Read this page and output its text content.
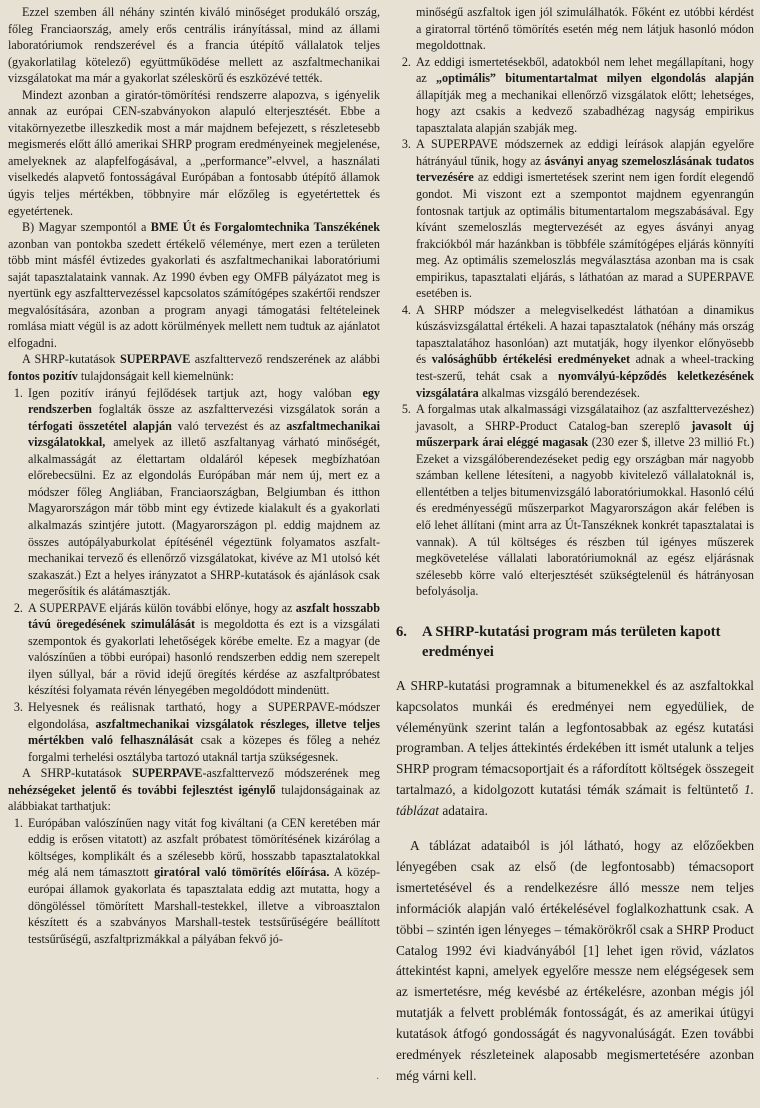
Ezzel szemben áll néhány szintén kiváló minőséget produkáló ország, főleg Franciaország, amely erős centrális irányítással, mind az állami laboratóriumok rendszerével és a francia útépítő vállalatok teljes (gyakorlatilag kötelező) együttműködése mellett az aszfaltmechanikai vizsgálatokat ma már a gyakorlat széleskörű és eszközévé tették.

Mindezt azonban a giratór-tömörítési rendszerre alapozva, s igényelik annak az európai CEN-szabványokon alapuló elterjesztését. Ebbe a vitakörnyezetbe illeszkedik most a már majdnem befejezett, s részletesebb megismerés előtt álló amerikai SHRP program eredményeinek megjelenése, amelyeknek az alapfelfogásával, a „performance”-elvvel, a használati viselkedés alapvető fontosságával Európában a fontosabb útépítő államok úgyis teljes mértékben, többnyire már előzőleg is egyetértettek és egyetértenek.

B) Magyar szempontól a BME Út és Forgalomtechnika Tanszékének azonban van pontokba szedett értékelő véleménye, mert ezen a területen több mint másfél évtizedes gyakorlati és aszfaltmechanikai laboratóriumi saját tapasztalataink vannak. Az 1990 évben egy OMFB pályázatot meg is nyertünk egy aszfalttervezéssel kapcsolatos számítógépes szakértői rendszer megvalósítására, azonban a program anyagi támogatási feltételeinek romlása miatt végül is az adott körülmények mellett nem tudtuk az ajánlatot elfogadni.

A SHRP-kutatások SUPERPAVE aszfalttervező rendszerének az alábbi fontos pozitív tulajdonságait kell kiemelnünk:

1. Igen pozitív irányú fejlődések tartjuk azt, hogy valóban egy rendszerben foglalták össze az aszfalttervezési vizsgálatok során a térfogati összetétel alapján való tervezést és az aszfaltmechanikai vizsgálatokkal, amelyek az illető aszfaltanyag várható minőségét, alkalmasságát az élettartam oldaláról képesek megbízhatóan előrebecsülni. Ez az elgondolás Európában már nem új, mert ez a módszer főleg Angliában, Franciaországban, Belgiumban és itthon Magyarországon már több mint egy évtizede kialakult és a gyakorlati alkalmazás szintjére jutott. (Magyarországon pl. eddig majdnem az összes autópályaburkolat építésénél végeztünk folyamatos aszfalt-mechanikai tervező és ellenőrző vizsgálatokat, kivéve az M1 utolsó két szakaszát.) Ezt a helyes irányzatot a SHRP-kutatások és ajánlások csak megerősítik és alátámasztják.
2. A SUPERPAVE eljárás külön további előnye, hogy az aszfalt hosszabb távú öregedésének szimulálását is megoldotta és ezt is a vizsgálati szempontok és gyakorlati lehetőségek körébe emelte. Ez a magyar (de valószínűen a többi európai) hasonló rendszerben eddig nem szerepelt ilyen súllyal, bár a rövid idejű öregítés kérdése az aszfaltpróbatest készítési folyamata révén lényegében megoldódott mindenütt.
3. Helyesnek és reálisnak tartható, hogy a SUPERPAVE-módszer elgondolása, aszfaltmechanikai vizsgálatok részleges, illetve teljes mértékben való felhasználását csak a közepes és főleg a nehéz forgalmi terhelési osztályba tartozó utaknál tartja szükségesnek.

A SHRP-kutatások SUPERPAVE-aszfalttervező módszerének meg nehézségeket jelentő és további fejlesztést igénylő tulajdonságainak az alábbiakat tarthatjuk:

1. Európában valószínűen nagy vitát fog kiváltani (a CEN keretében már eddig is erősen vitatott) az aszfalt próbatest tömörítésének kizárólag a költséges, komplikált és a szélesebb körű, hosszabb tapasztalatokkal még alá nem támasztott giratóral való tömörítés előírása. A közép-európai államok gyakorlata és tapasztalata eddig azt mutatta, hogy a döngöléssel tömörített Marshall-testekkel, illetve a vibroasztalon készített és a szabványos Marshall-testek testsűrűségére beállított testsűrűségű, aszfaltprizmákkal a pályában fekvő jó-

minőségű aszfaltok igen jól szimulálhatók. Főként ez utóbbi kérdést a giratorral történő tömörítés esetén még nem látjuk hasonló módon megoldottnak.

2. Az eddigi ismertetésekből, adatokból nem lehet megállapítani, hogy az „optimális” bitumentartalmat milyen elgondolás alapján állapítják meg a mechanikai ellenőrző vizsgálatok előtt; lehetséges, hogy azt csakis a kedvező szabadhézag nagyság empirikus tapasztalata alapján szabják meg.
3. A SUPERPAVE módszernek az eddigi leírások alapján egyelőre hátrányául tűnik, hogy az ásványi anyag szemeloszlásának tudatos tervezésére az eddigi ismertetések szerint nem igen fordít elegendő gondot. Mi viszont ezt a szempontot majdnem egyenrangún fontosnak tartjuk az optimális bitumentartalom megszabásával. Egy kívánt szemeloszlás megtervezését az egyes ásványi anyag frakciókból már hazánkban is többféle számítógépes eljárás könnyíti meg. Az optimális szemeloszlás megválasztása azonban ma is csak empirikus, tapasztalati eljárás, s láthatóan az marad a SUPERPAVE esetében is.
4. A SHRP módszer a melegviselkedést láthatóan a dinamikus kúszásvizsgálattal értékeli. A hazai tapasztalatok (néhány más ország tapasztalatához hasonlóan) azt mutatják, hogy ilyenkor előnyösebb és valósághűbb értékelési eredményeket adnak a wheel-tracking test-szerű, tehát csak a nyomvályú-képződés keletkezésének vizsgálatára alkalmas vizsgáló berendezések.
5. A forgalmas utak alkalmassági vizsgálataihoz (az aszfalttervezéshez) javasolt, a SHRP-Product Catalog-ban szereplő javasolt új műszerpark árai eléggé magasak (230 ezer $, illetve 23 millió Ft.) Ezeket a vizsgálóberendezéseket pedig egy országban már nagyobb számban kellene létesíteni, a nagyobb kivitelező vállalatoknál is, ellentétben a teljes bitumenvizsgáló laboratóriumokkal. Hasonló célú és eredményességű műszerparkot Magyarországon akár felében is elő lehet állítani (mint arra az Út-Tanszéknek konkrét tapasztalatai is vannak). A túl költséges és részben túl igényes műszerek megkövetelése vállalati laboratóriumoknál az egész eljárásnak szélesebb körre való elterjesztését szükségtelenül és hátrányosan befolyásolja.
6. A SHRP-kutatási program más területen kapott eredményei

A SHRP-kutatási programnak a bitumenekkel és az aszfaltokkal kapcsolatos munkái és eredményei nem egyedüliek, de véleményünk szerint talán a legfontosabbak az egész kutatási programban. A teljes áttekintés érdekében itt ismét utalunk a teljes SHRP program témacsoportjait és a ráfordított költségek összegeit tartalmazó, a kidolgozott kutatási témák számait is feltüntető 1. táblázat adataira.

A táblázat adataiból is jól látható, hogy az előzőekben lényegében csak az első (de legfontosabb) témacsoport ismertetésével és a rendelkezésre álló messze nem teljes információk alapján való értékelésével foglalkozhattunk csak. A többi – szintén igen lényeges – témakörökről csak a SHRP Product Catalog 1992 évi kiadványából [1] lehet igen rövid, vázlatos áttekintést kapni, amelyek egyelőre messze nem elégségesek sem az ismertetésre, még kevésbé az értékelésre, azonban mégis jól mutatják a felvett problémák fontosságát, és az amerikai útügyi kutatások átfogó gondosságát és nagyvonalúságát. Ezen további eredmények részleteinek alaposabb megismertetésére azonban még várni kell.

·
